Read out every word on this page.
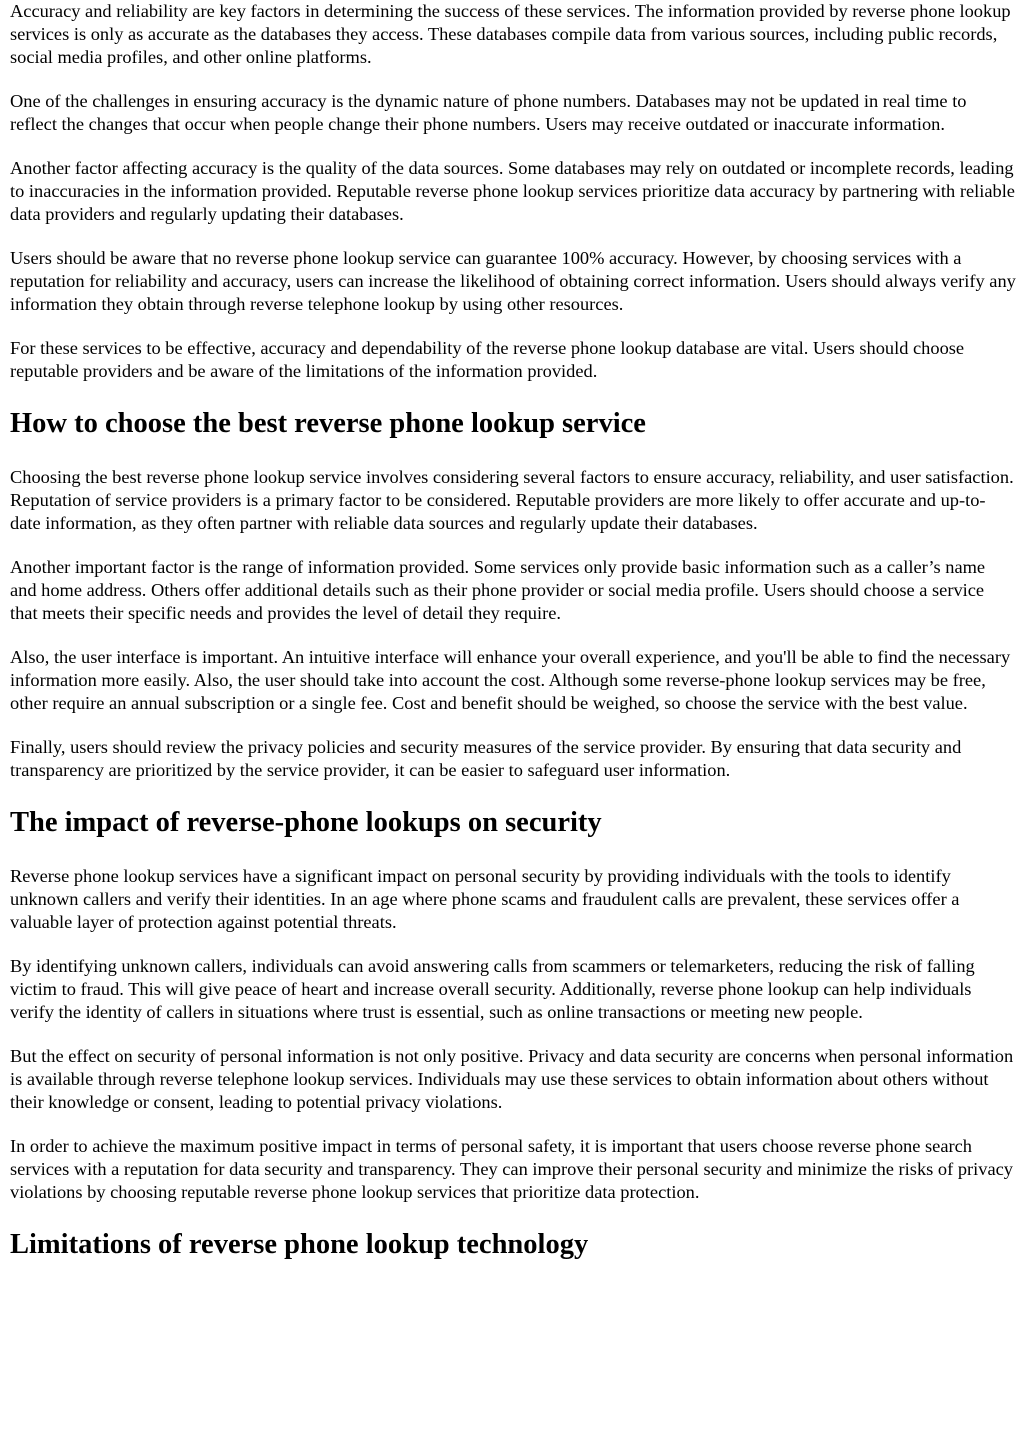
Accuracy and reliability are key factors in determining the success of these services. The information provided by reverse phone lookup services is only as accurate as the databases they access. These databases compile data from various sources, including public records, social media profiles, and other online platforms.

One of the challenges in ensuring accuracy is the dynamic nature of phone numbers. Databases may not be updated in real time to reflect the changes that occur when people change their phone numbers. Users may receive outdated or inaccurate information.

Another factor affecting accuracy is the quality of the data sources. Some databases may rely on outdated or incomplete records, leading to inaccuracies in the information provided. Reputable reverse phone lookup services prioritize data accuracy by partnering with reliable data providers and regularly updating their databases.

Users should be aware that no reverse phone lookup service can guarantee 100% accuracy. However, by choosing services with a reputation for reliability and accuracy, users can increase the likelihood of obtaining correct information. Users should always verify any information they obtain through reverse telephone lookup by using other resources.

For these services to be effective, accuracy and dependability of the reverse phone lookup database are vital. Users should choose reputable providers and be aware of the limitations of the information provided.

How to choose the best reverse phone lookup service

Choosing the best reverse phone lookup service involves considering several factors to ensure accuracy, reliability, and user satisfaction. Reputation of service providers is a primary factor to be considered. Reputable providers are more likely to offer accurate and up-to-date information, as they often partner with reliable data sources and regularly update their databases.

Another important factor is the range of information provided. Some services only provide basic information such as a caller’s name and home address. Others offer additional details such as their phone provider or social media profile. Users should choose a service that meets their specific needs and provides the level of detail they require.

Also, the user interface is important. An intuitive interface will enhance your overall experience, and you'll be able to find the necessary information more easily. Also, the user should take into account the cost. Although some reverse-phone lookup services may be free, other require an annual subscription or a single fee. Cost and benefit should be weighed, so choose the service with the best value.

Finally, users should review the privacy policies and security measures of the service provider. By ensuring that data security and transparency are prioritized by the service provider, it can be easier to safeguard user information.

The impact of reverse-phone lookups on security

Reverse phone lookup services have a significant impact on personal security by providing individuals with the tools to identify unknown callers and verify their identities. In an age where phone scams and fraudulent calls are prevalent, these services offer a valuable layer of protection against potential threats.

By identifying unknown callers, individuals can avoid answering calls from scammers or telemarketers, reducing the risk of falling victim to fraud. This will give peace of heart and increase overall security. Additionally, reverse phone lookup can help individuals verify the identity of callers in situations where trust is essential, such as online transactions or meeting new people.

But the effect on security of personal information is not only positive. Privacy and data security are concerns when personal information is available through reverse telephone lookup services. Individuals may use these services to obtain information about others without their knowledge or consent, leading to potential privacy violations.

In order to achieve the maximum positive impact in terms of personal safety, it is important that users choose reverse phone search services with a reputation for data security and transparency. They can improve their personal security and minimize the risks of privacy violations by choosing reputable reverse phone lookup services that prioritize data protection.

Limitations of reverse phone lookup technology
